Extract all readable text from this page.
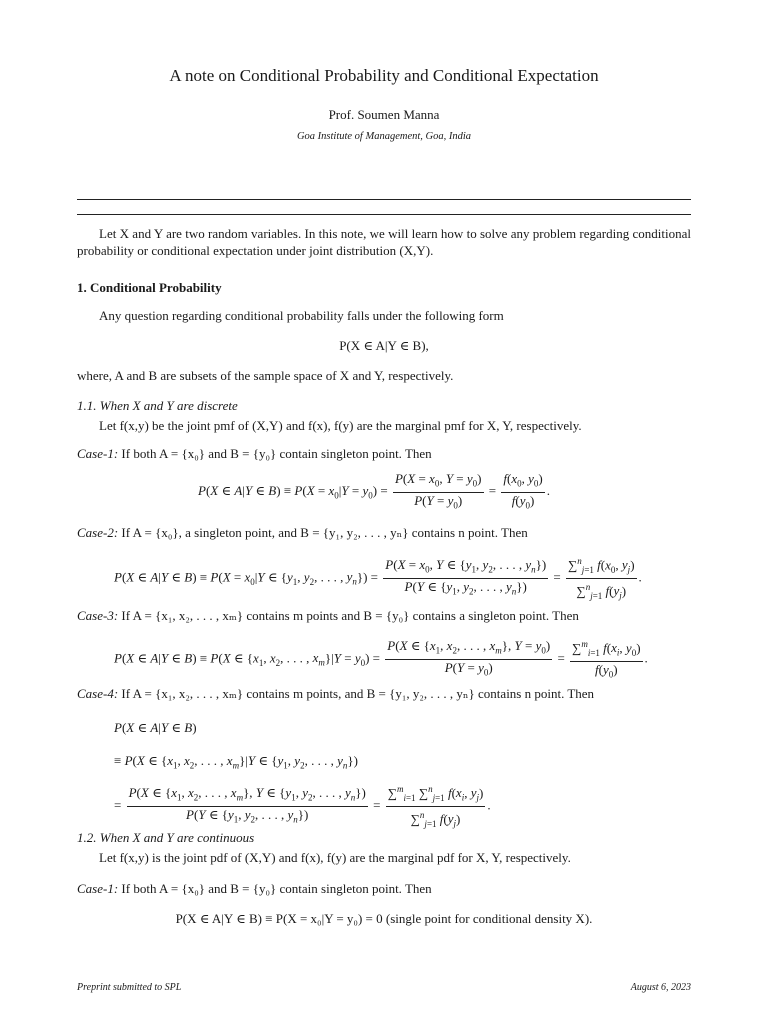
A note on Conditional Probability and Conditional Expectation
Prof. Soumen Manna
Goa Institute of Management, Goa, India
Let X and Y are two random variables. In this note, we will learn how to solve any problem regarding conditional probability or conditional expectation under joint distribution (X,Y).
1. Conditional Probability
Any question regarding conditional probability falls under the following form
P(X ∈ A|Y ∈ B),
where, A and B are subsets of the sample space of X and Y, respectively.
1.1. When X and Y are discrete
Let f(x,y) be the joint pmf of (X,Y) and f(x), f(y) are the marginal pmf for X, Y, respectively.
Case-1: If both A = {x₀} and B = {y₀} contain singleton point. Then
P(X ∈ A|Y ∈ $B) \equiv P(X = x_0|Y = y_0) = \frac{P(X = x_0, Y = y_0)}{P(Y = y_0)} = \frac{f(x_0, y_0)}{f(y_0)}$ .
Case-2: If A = {x₀}, a singleton point, and B = {y₁, y₂, . . . , yₙ} contains n point. Then
P(X ∈ A|Y ∈ $B) \equiv P(X = x_0|Y$ ∈ {$y_1$, $y_2$, . . . , $y_n\}) = \frac{P(X = x_0, Y \in \{y_1, y_2, . . . , y_n\})}{P(Y \in \{y_1, y_2, . . . , y_n\})} = \frac{\sum^n_{j=1} f(x_0, y_j)}{\sum^n_{j=1} f(y_j)}$ .
Case-3: If A = {x₁, x₂, . . . , xₘ} contains m points and B = {y₀} contains a singleton point. Then
P(X ∈ A|Y ∈ B) ≡ P(X ∈ {$x_1$, $x_2$, . . . , $x_m\}|Y = y_0) = \frac{P(X \in \{x_1, x_2, . . . , x_m\}, Y = y_0)}{P(Y = y_0)} = \frac{\sum^m_{i=1} f(x_i, y_0)}{f(y_0)}$ .
Case-4: If A = {x₁, x₂, . . . , xₘ} contains m points, and B = {y₁, y₂, . . . , yₙ} contains n point. Then
P(X ∈ A|Y ∈ B)
≡ P(X ∈ {$x_1$, $x_2$, . . . , $x_m\}|Y$ ∈ {$y_1$, $y_2$, . . . , $y_n$})
= $\frac{P(X \in \{x_1, x_2, . . . , x_m\}, Y \in \{y_1, y_2, . . . , y_n\})}{P(Y \in \{y_1, y_2, . . . , y_n\})} = \frac{\sum^m_{i=1} \sum^n_{j=1} f(x_i, y_j)}{\sum^n_{j=1} f(y_j)}$ .
1.2. When X and Y are continuous
Let f(x,y) is the joint pdf of (X,Y) and f(x), f(y) are the marginal pdf for X, Y, respectively.
Case-1: If both A = {x₀} and B = {y₀} contain singleton point. Then
P(X ∈ A|Y ∈ B) ≡ P(X = x₀|Y = y₀) = 0 (single point for conditional density X).
Preprint submitted to SPL	August 6, 2023
